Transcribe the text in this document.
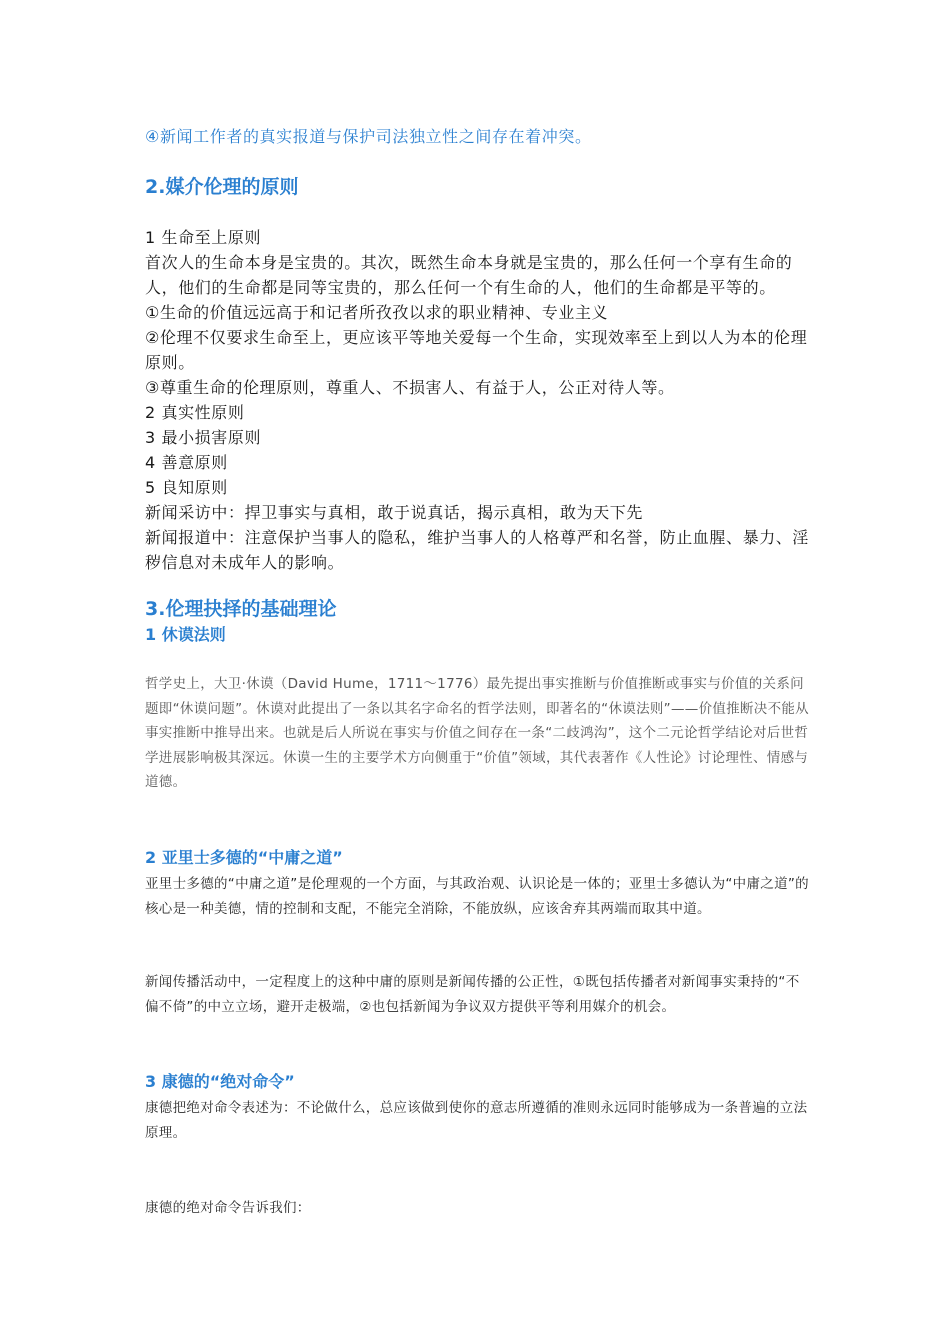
④新闻工作者的真实报道与保护司法独立性之间存在着冲突。

2.媒介伦理的原则
1 生命至上原则
首次人的生命本身是宝贵的。其次，既然生命本身就是宝贵的，那么任何一个享有生命的人，他们的生命都是同等宝贵的，那么任何一个有生命的人，他们的生命都是平等的。
①生命的价值远远高于和记者所孜孜以求的职业精神、专业主义
②伦理不仅要求生命至上，更应该平等地关爱每一个生命，实现效率至上到以人为本的伦理原则。
③尊重生命的伦理原则，尊重人、不损害人、有益于人，公正对待人等。
2 真实性原则
3 最小损害原则
4 善意原则
5 良知原则
新闻采访中：捍卫事实与真相，敢于说真话，揭示真相，敢为天下先
新闻报道中：注意保护当事人的隐私，维护当事人的人格尊严和名誉，防止血腥、暴力、淫秽信息对未成年人的影响。
3.伦理抉择的基础理论
1 休谟法则

哲学史上，大卫·休谟（David Hume，1711～1776）最先提出事实推断与价值推断或事实与价值的关系问题即“休谟问题”。休谟对此提出了一条以其名字命名的哲学法则，即著名的“休谟法则”——价值推断决不能从事实推断中推导出来。也就是后人所说在事实与价值之间存在一条“二歧鸿沟”，这个二元论哲学结论对后世哲学进展影响极其深远。休谟一生的主要学术方向侧重于“价值”领域，其代表著作《人性论》讨论理性、情感与道德。

2 亚里士多德的“中庸之道”

亚里士多德的“中庸之道”是伦理观的一个方面，与其政治观、认识论是一体的；亚里士多德认为“中庸之道”的核心是一种美德，情的控制和支配，不能完全消除，不能放纵，应该舍弃其两端而取其中道。

新闻传播活动中，一定程度上的这种中庸的原则是新闻传播的公正性，①既包括传播者对新闻事实秉持的“不偏不倚”的中立立场，避开走极端，②也包括新闻为争议双方提供平等利用媒介的机会。

3 康德的“绝对命令”

康德把绝对命令表述为：不论做什么，总应该做到使你的意志所遵循的准则永远同时能够成为一条普遍的立法原理。

康德的绝对命令告诉我们：
